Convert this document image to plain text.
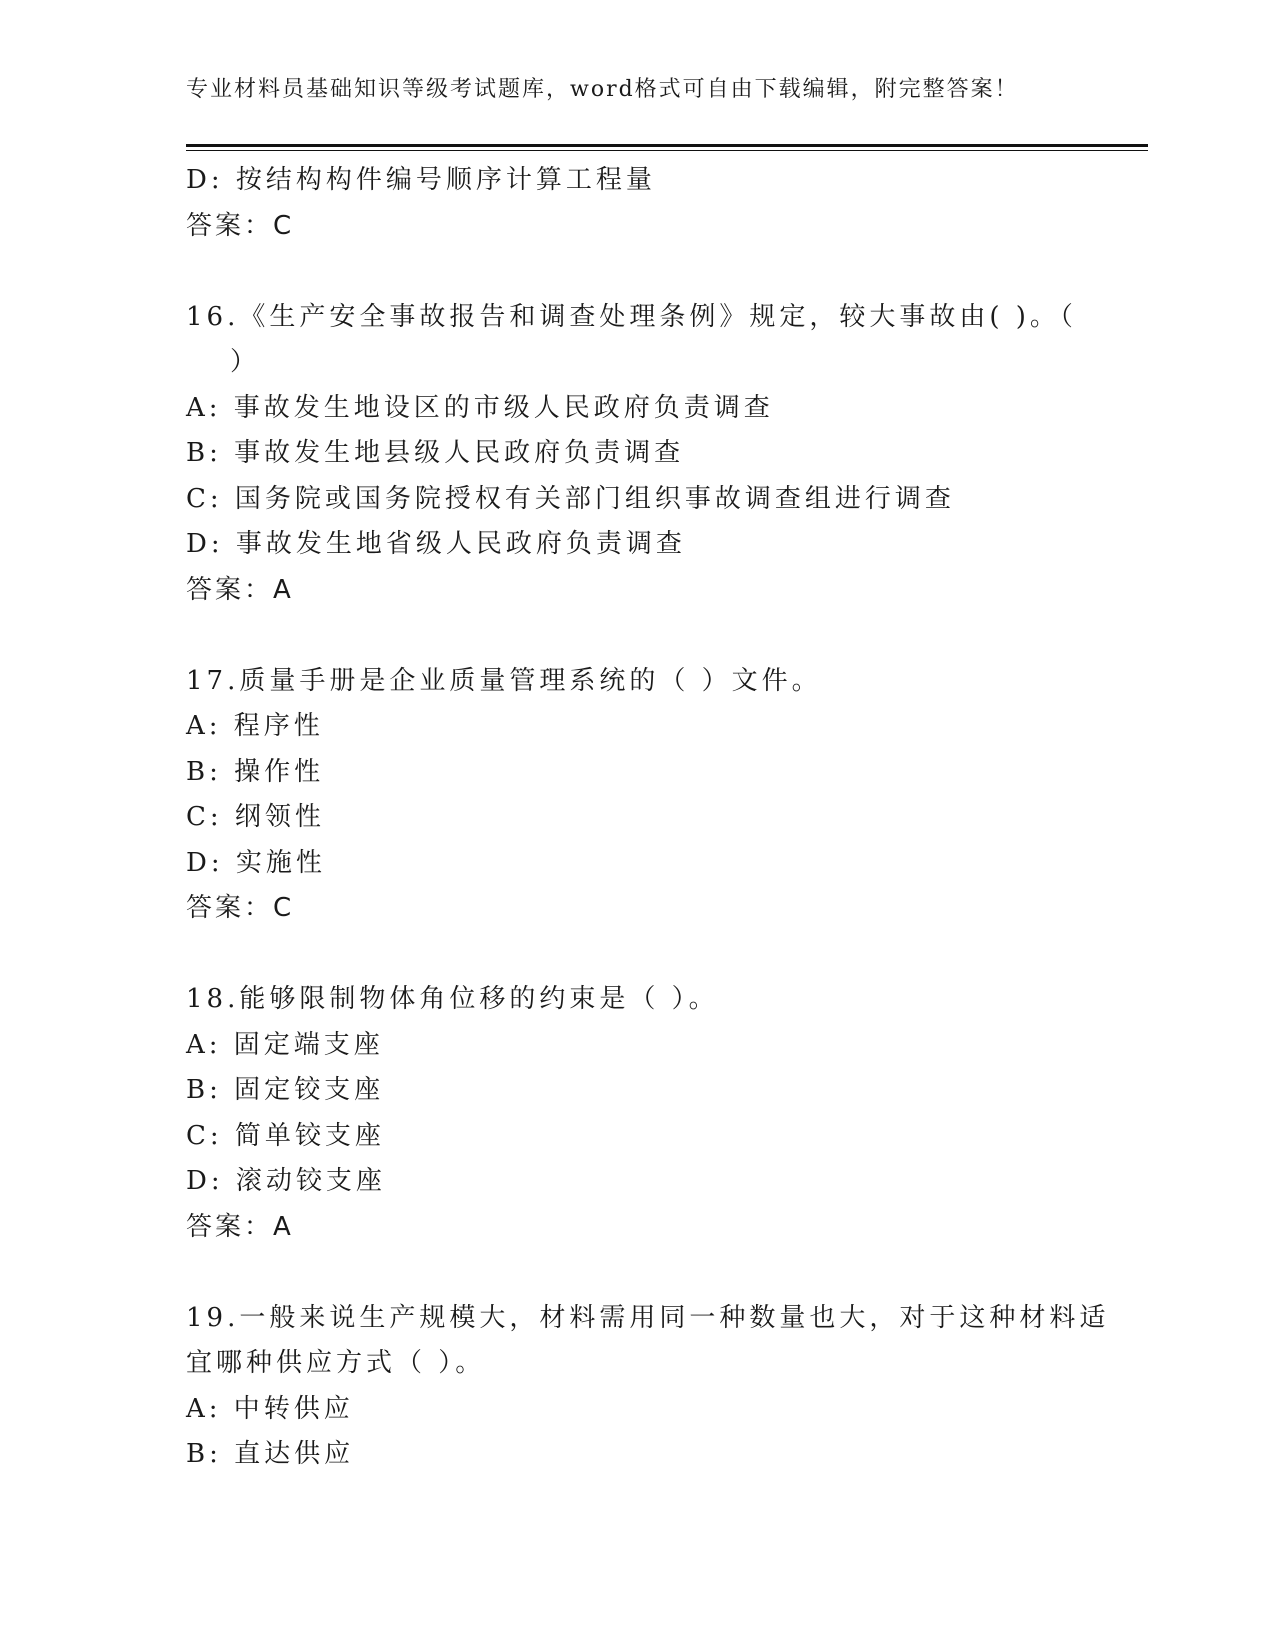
专业材料员基础知识等级考试题库，word格式可自由下载编辑，附完整答案！
D: 按结构构件编号顺序计算工程量
答案：C
16.《生产安全事故报告和调查处理条例》规定，较大事故由( )。（
）
A: 事故发生地设区的市级人民政府负责调查
B: 事故发生地县级人民政府负责调查
C: 国务院或国务院授权有关部门组织事故调查组进行调查
D: 事故发生地省级人民政府负责调查
答案：A
17.质量手册是企业质量管理系统的（ ）文件。
A: 程序性
B: 操作性
C: 纲领性
D: 实施性
答案：C
18.能够限制物体角位移的约束是（ ）。
A: 固定端支座
B: 固定铰支座
C: 简单铰支座
D: 滚动铰支座
答案：A
19.一般来说生产规模大，材料需用同一种数量也大，对于这种材料适
宜哪种供应方式（ ）。
A: 中转供应
B: 直达供应
